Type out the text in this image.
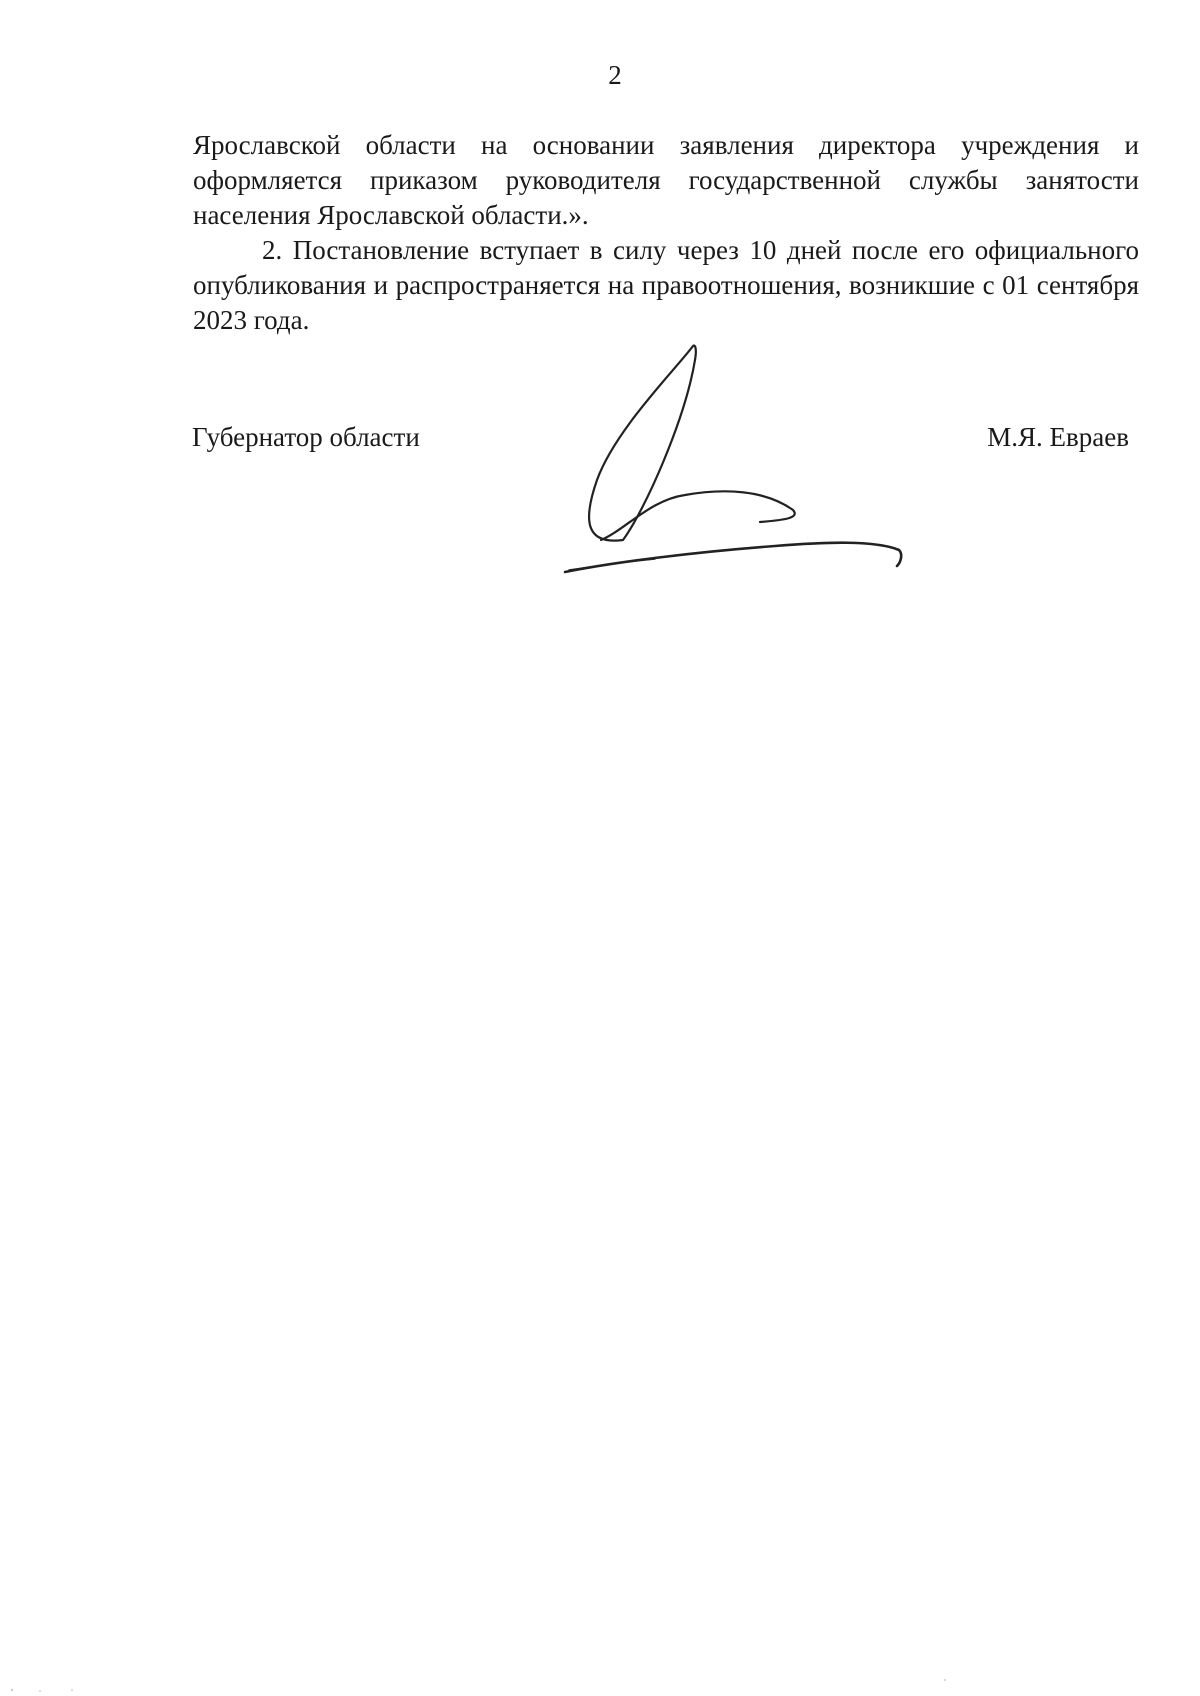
2

Ярославской области на основании заявления директора учреждения и оформляется приказом руководителя государственной службы занятости населения Ярославской области.».

2. Постановление вступает в силу через 10 дней после его официального опубликования и распространяется на правоотношения, возникшие с 01 сентября 2023 года.

Губернатор области	М.Я. Евраев
